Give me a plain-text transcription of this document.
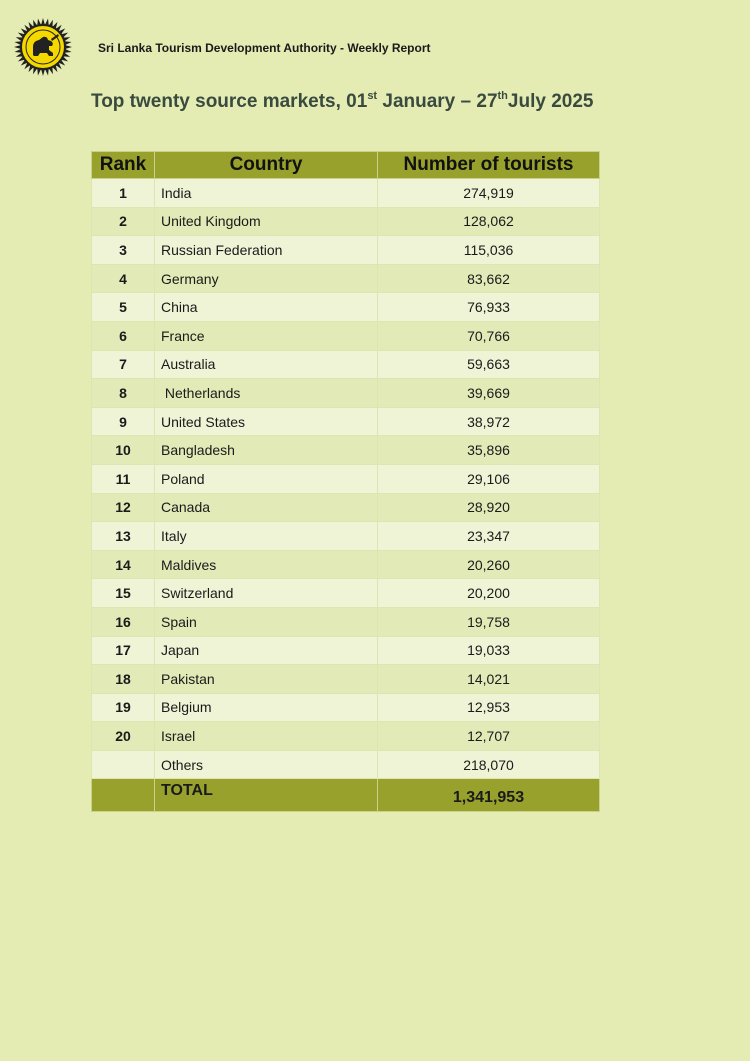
Sri Lanka Tourism Development Authority - Weekly Report
Top twenty source markets, 01st January – 27thJuly 2025
Rank	Country	Number of tourists
1	India	274,919
2	United Kingdom	128,062
3	Russian Federation	115,036
4	Germany	83,662
5	China	76,933
6	France	70,766
7	Australia	59,663
8	Netherlands	39,669
9	United States	38,972
10	Bangladesh	35,896
11	Poland	29,106
12	Canada	28,920
13	Italy	23,347
14	Maldives	20,260
15	Switzerland	20,200
16	Spain	19,758
17	Japan	19,033
18	Pakistan	14,021
19	Belgium	12,953
20	Israel	12,707
	Others	218,070
	TOTAL	1,341,953
